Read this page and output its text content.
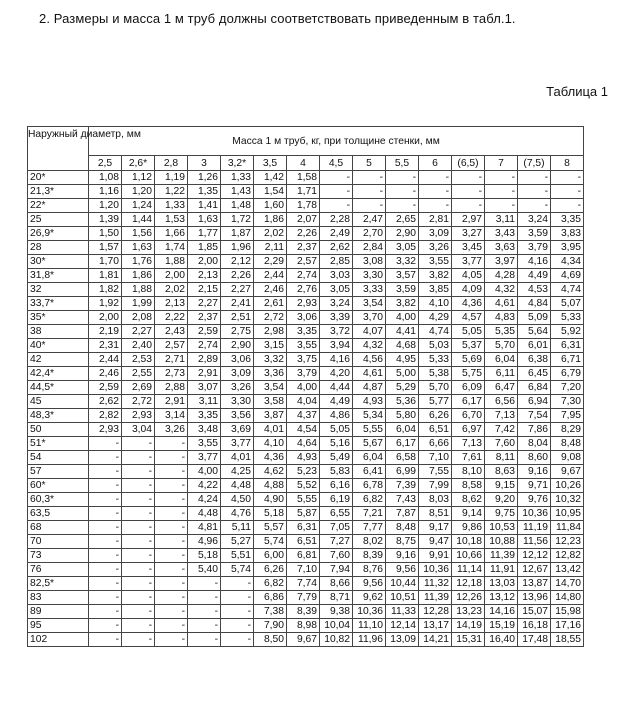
2. Размеры и масса 1 м труб должны соответствовать приведенным в табл.1.
Таблица 1
Наружный диаметр, мм	Масса 1 м труб, кг, при толщине стенки, мм														
	2,5	2,6*	2,8	3	3,2*	3,5	4	4,5	5	5,5	6	(6,5)	7	(7,5)	8
20*	1,08	1,12	1,19	1,26	1,33	1,42	1,58	-	-	-	-	-	-	-	-
21,3*	1,16	1,20	1,22	1,35	1,43	1,54	1,71	-	-	-	-	-	-	-	-
22*	1,20	1,24	1,33	1,41	1,48	1,60	1,78	-	-	-	-	-	-	-	-
25	1,39	1,44	1,53	1,63	1,72	1,86	2,07	2,28	2,47	2,65	2,81	2,97	3,11	3,24	3,35
26,9*	1,50	1,56	1,66	1,77	1,87	2,02	2,26	2,49	2,70	2,90	3,09	3,27	3,43	3,59	3,83
28	1,57	1,63	1,74	1,85	1,96	2,11	2,37	2,62	2,84	3,05	3,26	3,45	3,63	3,79	3,95
30*	1,70	1,76	1,88	2,00	2,12	2,29	2,57	2,85	3,08	3,32	3,55	3,77	3,97	4,16	4,34
31,8*	1,81	1,86	2,00	2,13	2,26	2,44	2,74	3,03	3,30	3,57	3,82	4,05	4,28	4,49	4,69
32	1,82	1,88	2,02	2,15	2,27	2,46	2,76	3,05	3,33	3,59	3,85	4,09	4,32	4,53	4,74
33,7*	1,92	1,99	2,13	2,27	2,41	2,61	2,93	3,24	3,54	3,82	4,10	4,36	4,61	4,84	5,07
35*	2,00	2,08	2,22	2,37	2,51	2,72	3,06	3,39	3,70	4,00	4,29	4,57	4,83	5,09	5,33
38	2,19	2,27	2,43	2,59	2,75	2,98	3,35	3,72	4,07	4,41	4,74	5,05	5,35	5,64	5,92
40*	2,31	2,40	2,57	2,74	2,90	3,15	3,55	3,94	4,32	4,68	5,03	5,37	5,70	6,01	6,31
42	2,44	2,53	2,71	2,89	3,06	3,32	3,75	4,16	4,56	4,95	5,33	5,69	6,04	6,38	6,71
42,4*	2,46	2,55	2,73	2,91	3,09	3,36	3,79	4,20	4,61	5,00	5,38	5,75	6,11	6,45	6,79
44,5*	2,59	2,69	2,88	3,07	3,26	3,54	4,00	4,44	4,87	5,29	5,70	6,09	6,47	6,84	7,20
45	2,62	2,72	2,91	3,11	3,30	3,58	4,04	4,49	4,93	5,36	5,77	6,17	6,56	6,94	7,30
48,3*	2,82	2,93	3,14	3,35	3,56	3,87	4,37	4,86	5,34	5,80	6,26	6,70	7,13	7,54	7,95
50	2,93	3,04	3,26	3,48	3,69	4,01	4,54	5,05	5,55	6,04	6,51	6,97	7,42	7,86	8,29
51*	-	-	-	3,55	3,77	4,10	4,64	5,16	5,67	6,17	6,66	7,13	7,60	8,04	8,48
54	-	-	-	3,77	4,01	4,36	4,93	5,49	6,04	6,58	7,10	7,61	8,11	8,60	9,08
57	-	-	-	4,00	4,25	4,62	5,23	5,83	6,41	6,99	7,55	8,10	8,63	9,16	9,67
60*	-	-	-	4,22	4,48	4,88	5,52	6,16	6,78	7,39	7,99	8,58	9,15	9,71	10,26
60,3*	-	-	-	4,24	4,50	4,90	5,55	6,19	6,82	7,43	8,03	8,62	9,20	9,76	10,32
63,5	-	-	-	4,48	4,76	5,18	5,87	6,55	7,21	7,87	8,51	9,14	9,75	10,36	10,95
68	-	-	-	4,81	5,11	5,57	6,31	7,05	7,77	8,48	9,17	9,86	10,53	11,19	11,84
70	-	-	-	4,96	5,27	5,74	6,51	7,27	8,02	8,75	9,47	10,18	10,88	11,56	12,23
73	-	-	-	5,18	5,51	6,00	6,81	7,60	8,39	9,16	9,91	10,66	11,39	12,12	12,82
76	-	-	-	5,40	5,74	6,26	7,10	7,94	8,76	9,56	10,36	11,14	11,91	12,67	13,42
82,5*	-	-	-	-	-	6,82	7,74	8,66	9,56	10,44	11,32	12,18	13,03	13,87	14,70
83	-	-	-	-	-	6,86	7,79	8,71	9,62	10,51	11,39	12,26	13,12	13,96	14,80
89	-	-	-	-	-	7,38	8,39	9,38	10,36	11,33	12,28	13,23	14,16	15,07	15,98
95	-	-	-	-	-	7,90	8,98	10,04	11,10	12,14	13,17	14,19	15,19	16,18	17,16
102	-	-	-	-	-	8,50	9,67	10,82	11,96	13,09	14,21	15,31	16,40	17,48	18,55
